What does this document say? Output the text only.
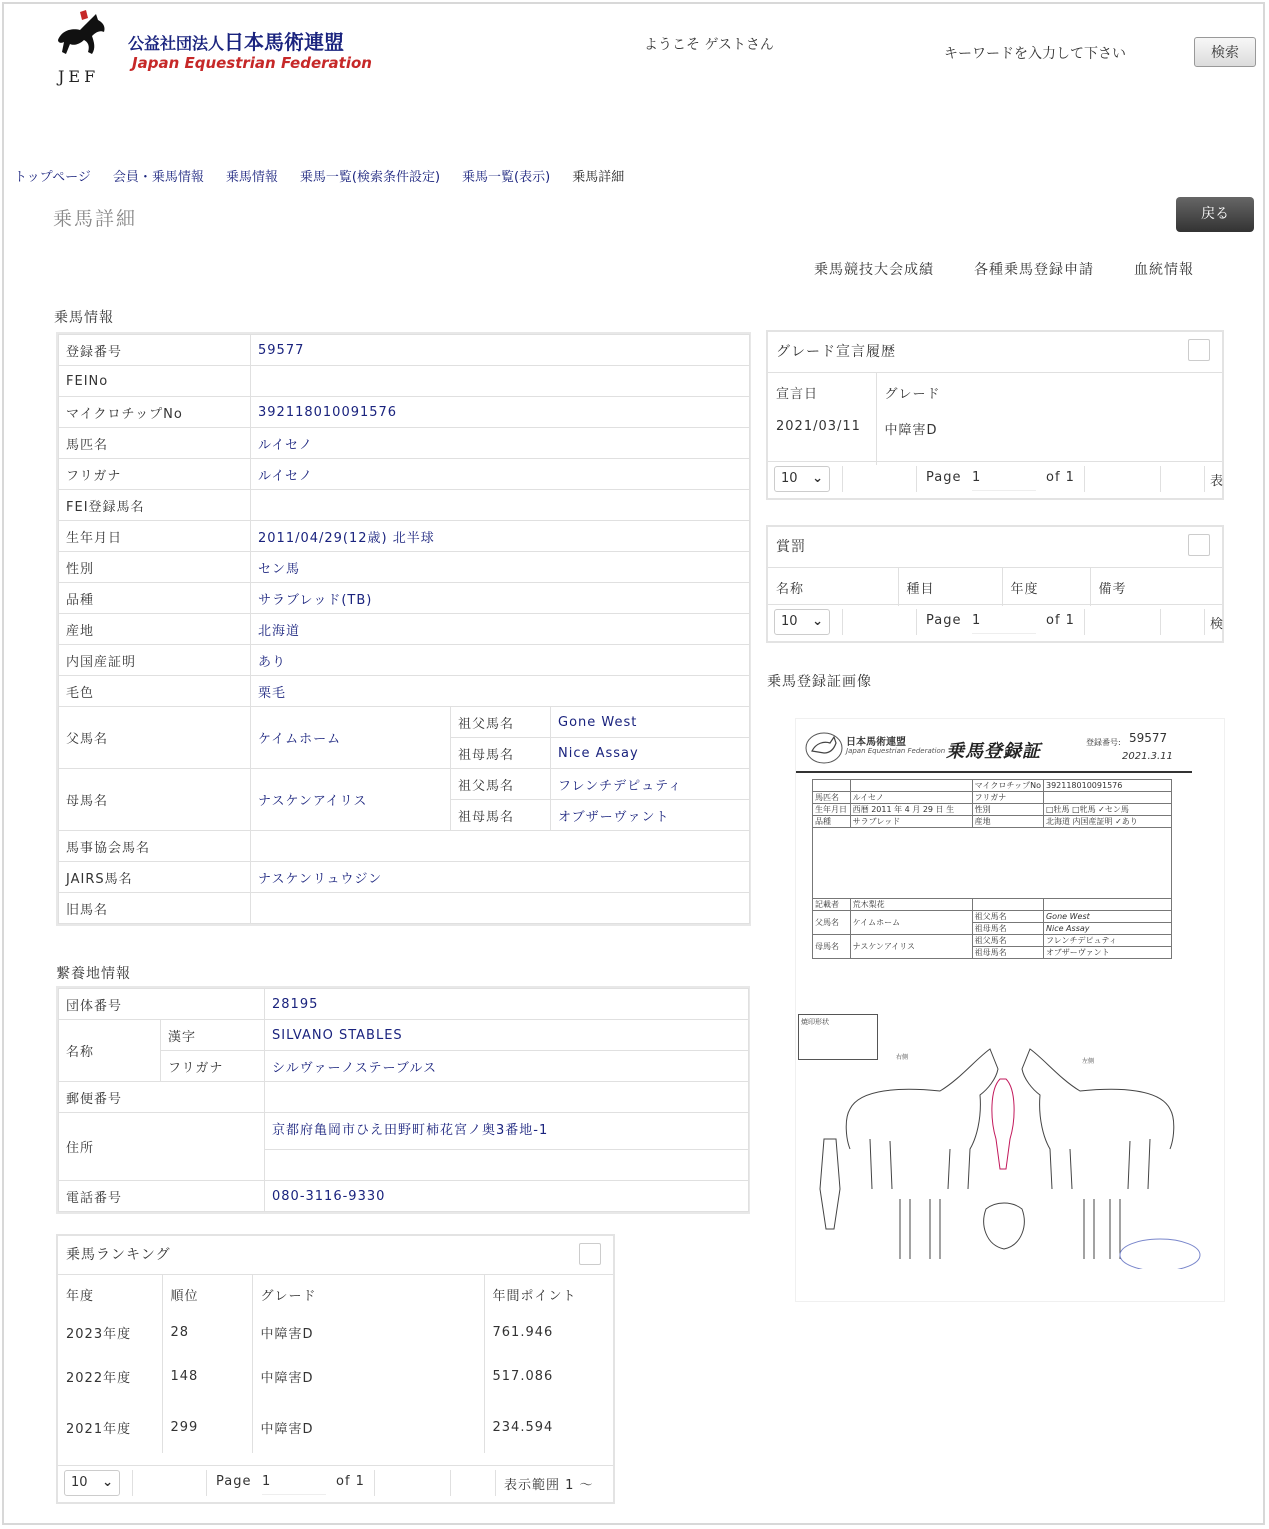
JEF
公益社団法人日本馬術連盟
Japan Equestrian Federation
ようこそ ゲストさん
キーワードを入力して下さい	検索
トップページ 会員・乗馬情報 乗馬情報 乗馬一覧(検索条件設定) 乗馬一覧(表示) 乗馬詳細
乗馬詳細	戻る
乗馬競技大会成績	各種乗馬登録申請	血統情報
乗馬情報
登録番号	59577		
FEINo			
マイクロチップNo	392118010091576		
馬匹名	ルイセノ		
フリガナ	ルイセノ		
FEI登録馬名			
生年月日	2011/04/29(12歳) 北半球		
性別	セン馬		
品種	サラブレッド(TB)		
産地	北海道		
内国産証明	あり		
毛色	栗毛		
父馬名	ケイムホーム	祖父馬名	Gone West
		祖母馬名	Nice Assay
母馬名	ナスケンアイリス	祖父馬名	フレンチデピュティ
		祖母馬名	オブザーヴァント
馬事協会馬名			
JAIRS馬名	ナスケンリュウジン		
旧馬名			
繋養地情報
団体番号		28195
名称	漢字	SILVANO STABLES
	フリガナ	シルヴァーノステーブルス
郵便番号		
住所		京都府亀岡市ひえ田野町柿花宮ノ奥3番地-1

電話番号		080-3116-9330
乗馬ランキング
年度	順位	グレード	年間ポイント
2023年度	28	中障害D	761.946
2022年度	148	中障害D	517.086
2021年度	299	中障害D	234.594
10 ⌄	Page 1	of 1	表示範囲 1 ～
グレード宣言履歴
宣言日	グレード
2021/03/11	中障害D
10 ⌄	Page 1	of 1	表
賞罰
名称	種目	年度	備考
10 ⌄	Page 1	of 1	検
乗馬登録証画像
日本馬術連盟
Japan Equestrian Federation 乗馬登録証	登録番号: 59577
2021.3.11
		マイクロチップNo	392118010091576
馬匹名	ルイセノ	フリガナ	
生年月日	西暦 2011 年 4 月 29 日 生	性別	□牡馬 □牝馬 ✓セン馬
品種	サラブレッド	産地	北海道 内国産証明 ✓あり

記載者	荒木梨花		
父馬名	ケイムホーム	祖父馬名	Gone West
		祖母馬名	Nice Assay
母馬名	ナスケンアイリス	祖父馬名	フレンチデピュティ
		祖母馬名	オブザーヴァント
焼印形状
右側
左側
